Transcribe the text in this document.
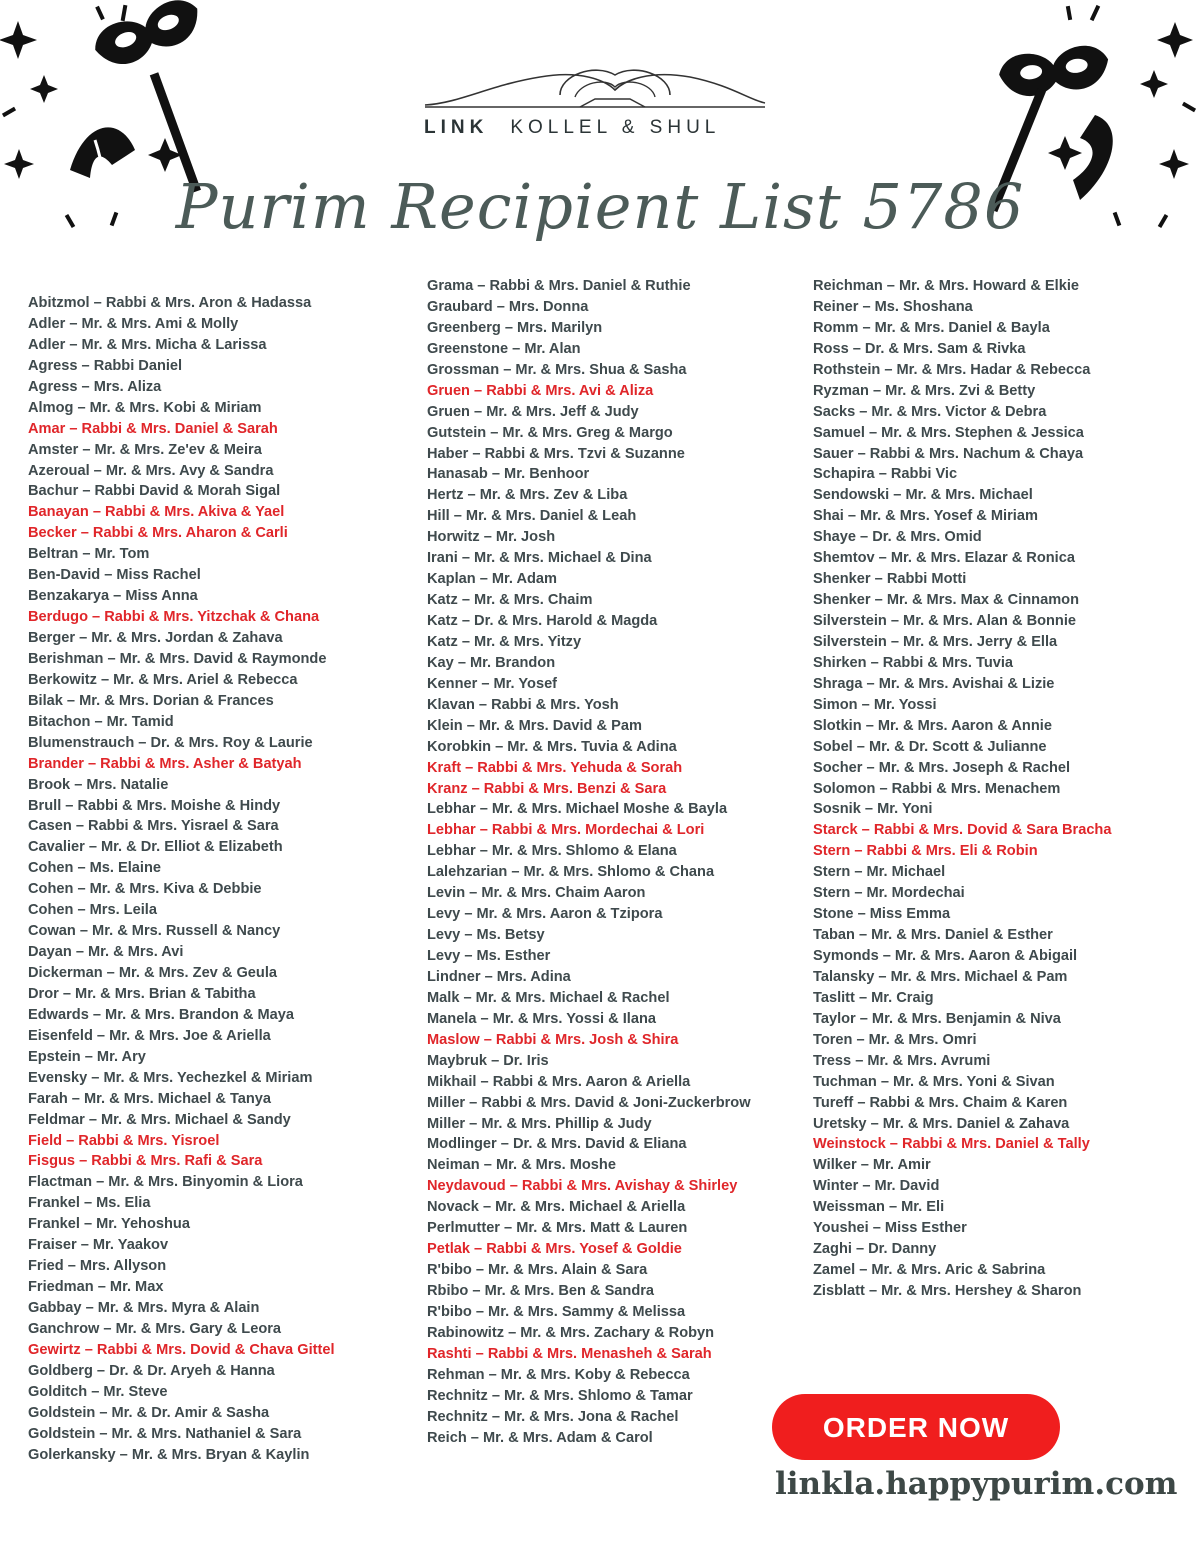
LINK KOLLEL & SHUL
Purim Recipient List 5786
Abitzmol – Rabbi & Mrs. Aron & Hadassa
Adler – Mr. & Mrs. Ami & Molly
Adler – Mr. & Mrs. Micha & Larissa
Agress – Rabbi Daniel
Agress – Mrs. Aliza
Almog – Mr. & Mrs. Kobi & Miriam
Amar – Rabbi & Mrs. Daniel & Sarah
Amster – Mr. & Mrs. Ze'ev & Meira
Azeroual – Mr. & Mrs. Avy & Sandra
Bachur – Rabbi David & Morah Sigal
Banayan – Rabbi & Mrs. Akiva & Yael
Becker – Rabbi & Mrs. Aharon & Carli
Beltran – Mr. Tom
Ben-David – Miss Rachel
Benzakarya – Miss Anna
Berdugo – Rabbi & Mrs. Yitzchak & Chana
Berger – Mr. & Mrs. Jordan & Zahava
Berishman – Mr. & Mrs. David & Raymonde
Berkowitz – Mr. & Mrs. Ariel & Rebecca
Bilak – Mr. & Mrs. Dorian & Frances
Bitachon – Mr. Tamid
Blumenstrauch – Dr. & Mrs. Roy & Laurie
Brander – Rabbi & Mrs. Asher & Batyah
Brook – Mrs. Natalie
Brull – Rabbi & Mrs. Moishe & Hindy
Casen – Rabbi & Mrs. Yisrael & Sara
Cavalier – Mr. & Dr. Elliot & Elizabeth
Cohen – Ms. Elaine
Cohen – Mr. & Mrs. Kiva & Debbie
Cohen – Mrs. Leila
Cowan – Mr. & Mrs. Russell & Nancy
Dayan – Mr. & Mrs. Avi
Dickerman – Mr. & Mrs. Zev & Geula
Dror – Mr. & Mrs. Brian & Tabitha
Edwards – Mr. & Mrs. Brandon & Maya
Eisenfeld – Mr. & Mrs. Joe & Ariella
Epstein – Mr. Ary
Evensky – Mr. & Mrs. Yechezkel & Miriam
Farah – Mr. & Mrs. Michael & Tanya
Feldmar – Mr. & Mrs. Michael & Sandy
Field – Rabbi & Mrs. Yisroel
Fisgus – Rabbi & Mrs. Rafi & Sara
Flactman – Mr. & Mrs. Binyomin & Liora
Frankel – Ms. Elia
Frankel – Mr. Yehoshua
Fraiser – Mr. Yaakov
Fried – Mrs. Allyson
Friedman – Mr. Max
Gabbay – Mr. & Mrs. Myra & Alain
Ganchrow – Mr. & Mrs. Gary & Leora
Gewirtz – Rabbi & Mrs. Dovid & Chava Gittel
Goldberg – Dr. & Dr. Aryeh & Hanna
Golditch – Mr. Steve
Goldstein – Mr. & Dr. Amir & Sasha
Goldstein – Mr. & Mrs. Nathaniel & Sara
Golerkansky – Mr. & Mrs. Bryan & Kaylin
Grama – Rabbi & Mrs. Daniel & Ruthie
Graubard – Mrs. Donna
Greenberg – Mrs. Marilyn
Greenstone – Mr. Alan
Grossman – Mr. & Mrs. Shua & Sasha
Gruen – Rabbi & Mrs. Avi & Aliza
Gruen – Mr. & Mrs. Jeff & Judy
Gutstein – Mr. & Mrs. Greg & Margo
Haber – Rabbi & Mrs. Tzvi & Suzanne
Hanasab – Mr. Benhoor
Hertz – Mr. & Mrs. Zev & Liba
Hill – Mr. & Mrs. Daniel & Leah
Horwitz – Mr. Josh
Irani – Mr. & Mrs. Michael & Dina
Kaplan – Mr. Adam
Katz – Mr. & Mrs. Chaim
Katz – Dr. & Mrs. Harold & Magda
Katz – Mr. & Mrs. Yitzy
Kay – Mr. Brandon
Kenner – Mr. Yosef
Klavan – Rabbi & Mrs. Yosh
Klein – Mr. & Mrs. David & Pam
Korobkin – Mr. & Mrs. Tuvia & Adina
Kraft – Rabbi & Mrs. Yehuda & Sorah
Kranz – Rabbi & Mrs. Benzi & Sara
Lebhar – Mr. & Mrs. Michael Moshe & Bayla
Lebhar – Rabbi & Mrs. Mordechai & Lori
Lebhar – Mr. & Mrs. Shlomo & Elana
Lalehzarian – Mr. & Mrs. Shlomo & Chana
Levin – Mr. & Mrs. Chaim Aaron
Levy – Mr. & Mrs. Aaron & Tzipora
Levy – Ms. Betsy
Levy – Ms. Esther
Lindner – Mrs. Adina
Malk – Mr. & Mrs. Michael & Rachel
Manela – Mr. & Mrs. Yossi & Ilana
Maslow – Rabbi & Mrs. Josh & Shira
Maybruk – Dr. Iris
Mikhail – Rabbi & Mrs. Aaron & Ariella
Miller – Rabbi & Mrs. David & Joni-Zuckerbrow
Miller – Mr. & Mrs. Phillip & Judy
Modlinger – Dr. & Mrs. David & Eliana
Neiman – Mr. & Mrs. Moshe
Neydavoud – Rabbi & Mrs. Avishay & Shirley
Novack – Mr. & Mrs. Michael & Ariella
Perlmutter – Mr. & Mrs. Matt & Lauren
Petlak – Rabbi & Mrs. Yosef & Goldie
R'bibo – Mr. & Mrs. Alain & Sara
Rbibo – Mr. & Mrs. Ben & Sandra
R'bibo – Mr. & Mrs. Sammy & Melissa
Rabinowitz – Mr. & Mrs. Zachary & Robyn
Rashti – Rabbi & Mrs. Menasheh & Sarah
Rehman – Mr. & Mrs. Koby & Rebecca
Rechnitz – Mr. & Mrs. Shlomo & Tamar
Rechnitz – Mr. & Mrs. Jona & Rachel
Reich – Mr. & Mrs. Adam & Carol
Reichman – Mr. & Mrs. Howard & Elkie
Reiner – Ms. Shoshana
Romm – Mr. & Mrs. Daniel & Bayla
Ross – Dr. & Mrs. Sam & Rivka
Rothstein – Mr. & Mrs. Hadar & Rebecca
Ryzman – Mr. & Mrs. Zvi & Betty
Sacks – Mr. & Mrs. Victor & Debra
Samuel – Mr. & Mrs. Stephen & Jessica
Sauer – Rabbi & Mrs. Nachum & Chaya
Schapira – Rabbi Vic
Sendowski – Mr. & Mrs. Michael
Shai – Mr. & Mrs. Yosef & Miriam
Shaye – Dr. & Mrs. Omid
Shemtov – Mr. & Mrs. Elazar & Ronica
Shenker – Rabbi Motti
Shenker – Mr. & Mrs. Max & Cinnamon
Silverstein – Mr. & Mrs. Alan & Bonnie
Silverstein – Mr. & Mrs. Jerry & Ella
Shirken – Rabbi & Mrs. Tuvia
Shraga – Mr. & Mrs. Avishai & Lizie
Simon – Mr. Yossi
Slotkin – Mr. & Mrs. Aaron & Annie
Sobel – Mr. & Dr. Scott & Julianne
Socher – Mr. & Mrs. Joseph & Rachel
Solomon – Rabbi & Mrs. Menachem
Sosnik – Mr. Yoni
Starck – Rabbi & Mrs. Dovid & Sara Bracha
Stern – Rabbi & Mrs. Eli & Robin
Stern – Mr. Michael
Stern – Mr. Mordechai
Stone – Miss Emma
Taban – Mr. & Mrs. Daniel & Esther
Symonds – Mr. & Mrs. Aaron & Abigail
Talansky – Mr. & Mrs. Michael & Pam
Taslitt – Mr. Craig
Taylor – Mr. & Mrs. Benjamin & Niva
Toren – Mr. & Mrs. Omri
Tress – Mr. & Mrs. Avrumi
Tuchman – Mr. & Mrs. Yoni & Sivan
Tureff – Rabbi & Mrs. Chaim & Karen
Uretsky – Mr. & Mrs. Daniel & Zahava
Weinstock – Rabbi & Mrs. Daniel & Tally
Wilker – Mr. Amir
Winter – Mr. David
Weissman – Mr. Eli
Youshei – Miss Esther
Zaghi – Dr. Danny
Zamel – Mr. & Mrs. Aric & Sabrina
Zisblatt – Mr. & Mrs. Hershey & Sharon
ORDER NOW
linkla.happypurim.com
